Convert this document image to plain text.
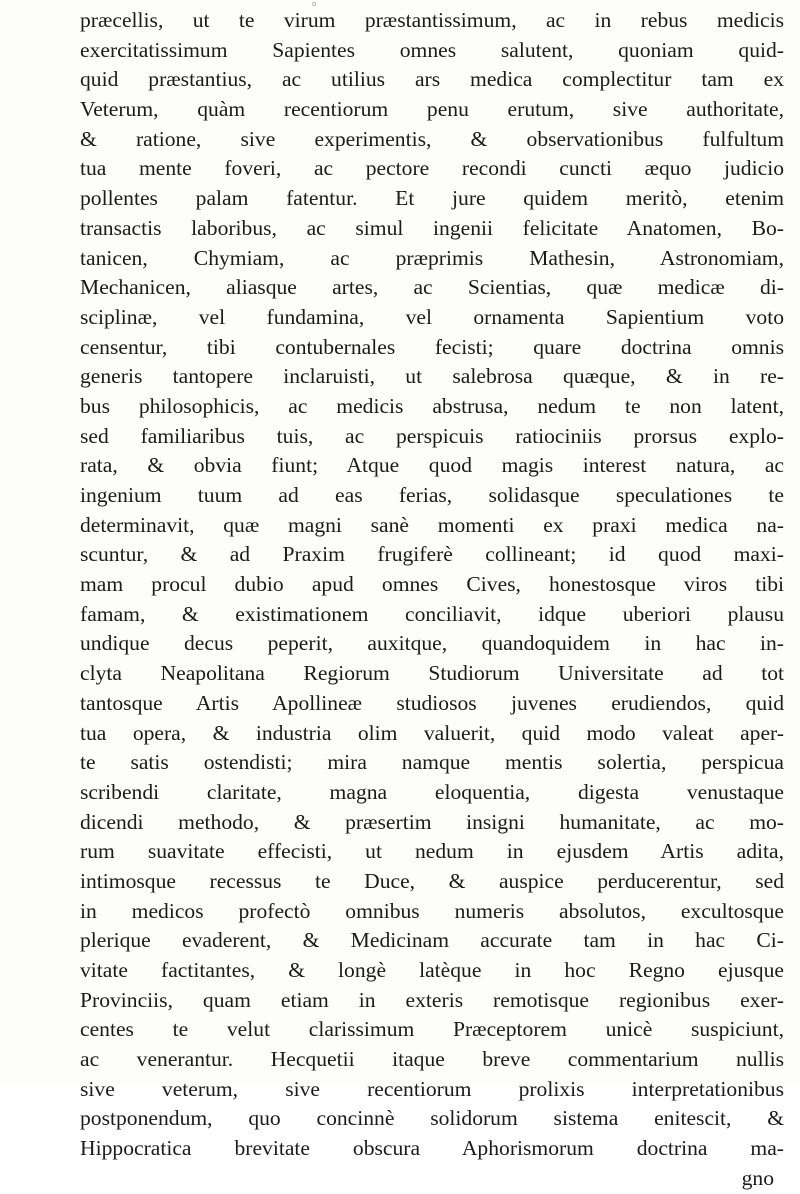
o
præcellis, ut te virum præstantissimum, ac in rebus medicis
exercitatissimum Sapientes omnes salutent, quoniam quid-
quid præstantius, ac utilius ars medica complectitur tam ex
Veterum, quàm recentiorum penu erutum, sive authoritate,
& ratione, sive experimentis, & observationibus fulfultum
tua mente foveri, ac pectore recondi cuncti æquo judicio
pollentes palam fatentur. Et jure quidem meritò, etenim
transactis laboribus, ac simul ingenii felicitate Anatomen, Bo-
tanicen, Chymiam, ac præprimis Mathesin, Astronomiam,
Mechanicen, aliasque artes, ac Scientias, quæ medicæ di-
sciplinæ, vel fundamina, vel ornamenta Sapientium voto
censentur, tibi contubernales fecisti; quare doctrina omnis
generis tantopere inclaruisti, ut salebrosa quæque, & in re-
bus philosophicis, ac medicis abstrusa, nedum te non latent,
sed familiaribus tuis, ac perspicuis ratiociniis prorsus explo-
rata, & obvia fiunt; Atque quod magis interest natura, ac
ingenium tuum ad eas ferias, solidasque speculationes te
determinavit, quæ magni sanè momenti ex praxi medica na-
scuntur, & ad Praxim frugiferè collineant; id quod maxi-
mam procul dubio apud omnes Cives, honestosque viros tibi
famam, & existimationem conciliavit, idque uberiori plausu
undique decus peperit, auxitque, quandoquidem in hac in-
clyta Neapolitana Regiorum Studiorum Universitate ad tot
tantosque Artis Apollineæ studiosos juvenes erudiendos, quid
tua opera, & industria olim valuerit, quid modo valeat aper-
te satis ostendisti; mira namque mentis solertia, perspicua
scribendi claritate, magna eloquentia, digesta venustaque
dicendi methodo, & præsertim insigni humanitate, ac mo-
rum suavitate effecisti, ut nedum in ejusdem Artis adita,
intimosque recessus te Duce, & auspice perducerentur, sed
in medicos profectò omnibus numeris absolutos, excultosque
plerique evaderent, & Medicinam accurate tam in hac Ci-
vitate factitantes, & longè latèque in hoc Regno ejusque
Provinciis, quam etiam in exteris remotisque regionibus exer-
centes te velut clarissimum Præceptorem unicè suspiciunt,
ac venerantur. Hecquetii itaque breve commentarium nullis
sive veterum, sive recentiorum prolixis interpretationibus
postponendum, quo concinnè solidorum sistema enitescit, &
Hippocratica brevitate obscura Aphorismorum doctrina ma-
gno
